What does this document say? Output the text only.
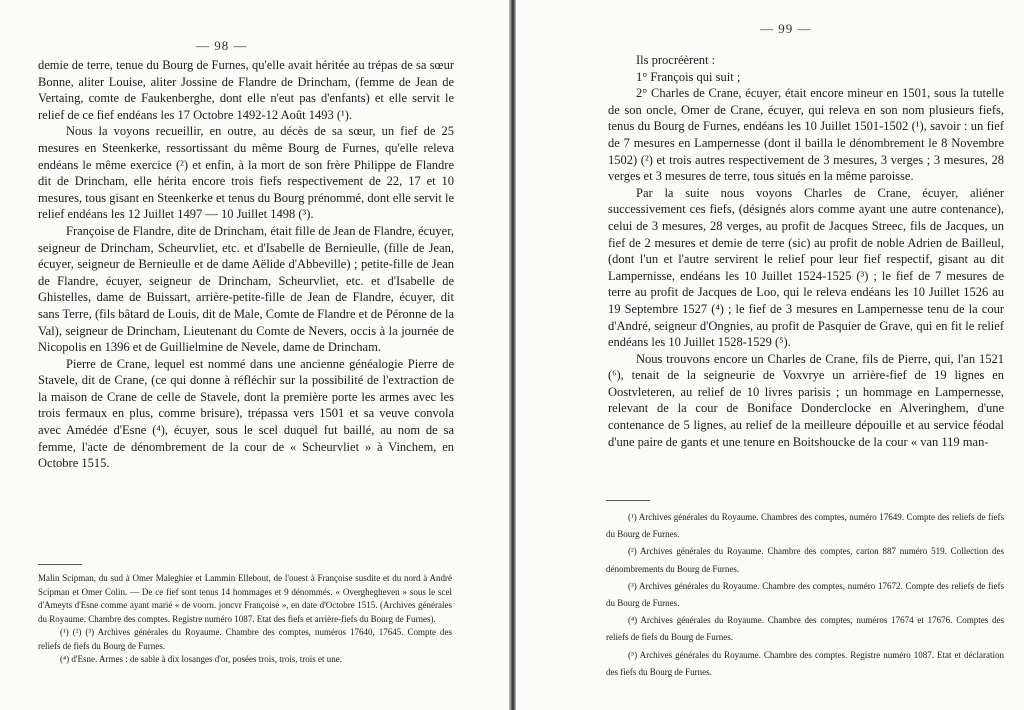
— 98 —

demie de terre, tenue du Bourg de Furnes, qu'elle avait héritée au trépas de sa sœur Bonne, aliter Louise, aliter Jossine de Flandre de Drincham, (femme de Jean de Vertaing, comte de Faukenberghe, dont elle n'eut pas d'enfants) et elle servit le relief de ce fief endéans les 17 Octobre 1492-12 Août 1493 (¹).

Nous la voyons recueillir, en outre, au décès de sa sœur, un fief de 25 mesures en Steenkerke, ressortissant du même Bourg de Furnes, qu'elle releva endéans le même exercice (²) et enfin, à la mort de son frère Philippe de Flandre dit de Drincham, elle hérita encore trois fiefs respectivement de 22, 17 et 10 mesures, tous gisant en Steenkerke et tenus du Bourg prénommé, dont elle servit le relief endéans les 12 Juillet 1497 — 10 Juillet 1498 (³).

Françoise de Flandre, dite de Drincham, était fille de Jean de Flandre, écuyer, seigneur de Drincham, Scheurvliet, etc. et d'Isabelle de Bernieulle, (fille de Jean, écuyer, seigneur de Bernieulle et de dame Aëlide d'Abbeville) ; petite-fille de Jean de Flandre, écuyer, seigneur de Drincham, Scheurvliet, etc. et d'Isabelle de Ghistelles, dame de Buissart, arrière-petite-fille de Jean de Flandre, écuyer, dit sans Terre, (fils bâtard de Louis, dit de Male, Comte de Flandre et de Péronne de la Val), seigneur de Drincham, Lieutenant du Comte de Nevers, occis à la journée de Nicopolis en 1396 et de Guillielmine de Nevele, dame de Drincham.

Pierre de Crane, lequel est nommé dans une ancienne généalogie Pierre de Stavele, dit de Crane, (ce qui donne à réfléchir sur la possibilité de l'extraction de la maison de Crane de celle de Stavele, dont la première porte les armes avec les trois fermaux en plus, comme brisure), trépassa vers 1501 et sa veuve convola avec Amédée d'Esne (⁴), écuyer, sous le scel duquel fut baillé, au nom de sa femme, l'acte de dénombrement de la cour de « Scheurvliet » à Vinchem, en Octobre 1515.

Malin Scipman, du sud à Omer Maleghier et Lammin Ellebout, de l'ouest à Françoise susdite et du nord à André Scipman et Omer Colin. — De ce fief sont tenus 14 hommages et 9 dénommés. « Overghegheven » sous le scel d'Ameyts d'Esne comme ayant marié « de voorn. joncvr Françoise », en date d'Octobre 1515. (Archives générales du Royaume. Chambre des comptes. Registre numéro 1087. Etat des fiefs et arrière-fiefs du Bourg de Furnes).

(¹) (²) (³) Archives générales du Royaume. Chambre des comptes, numéros 17640, 17645. Compte des reliefs de fiefs du Bourg de Furnes.

(⁴) d'Esne. Armes : de sable à dix losanges d'or, posées trois, trois, trois et une.

— 99 —

Ils procréèrent :

1° François qui suit ;

2° Charles de Crane, écuyer, était encore mineur en 1501, sous la tutelle de son oncle, Omer de Crane, écuyer, qui releva en son nom plusieurs fiefs, tenus du Bourg de Furnes, endéans les 10 Juillet 1501-1502 (¹), savoir : un fief de 7 mesures en Lampernesse (dont il bailla le dénombrement le 8 Novembre 1502) (²) et trois autres respectivement de 3 mesures, 3 verges ; 3 mesures, 28 verges et 3 mesures de terre, tous situés en la même paroisse.

Par la suite nous voyons Charles de Crane, écuyer, aliéner successivement ces fiefs, (désignés alors comme ayant une autre contenance), celui de 3 mesures, 28 verges, au profit de Jacques Streec, fils de Jacques, un fief de 2 mesures et demie de terre (sic) au profit de noble Adrien de Bailleul, (dont l'un et l'autre servirent le relief pour leur fief respectif, gisant au dit Lampernisse, endéans les 10 Juillet 1524-1525 (³) ; le fief de 7 mesures de terre au profit de Jacques de Loo, qui le releva endéans les 10 Juillet 1526 au 19 Septembre 1527 (⁴) ; le fief de 3 mesures en Lampernesse tenu de la cour d'André, seigneur d'Ongnies, au profit de Pasquier de Grave, qui en fit le relief endéans les 10 Juillet 1528-1529 (⁵).

Nous trouvons encore un Charles de Crane, fils de Pierre, qui, l'an 1521 (⁶), tenait de la seigneurie de Voxvrye un arrière-fief de 19 lignes en Oostvleteren, au relief de 10 livres parisis ; un hommage en Lampernesse, relevant de la cour de Boniface Donderclocke en Alveringhem, d'une contenance de 5 lignes, au relief de la meilleure dépouille et au service féodal d'une paire de gants et une tenure en Boitshoucke de la cour « van 119 man-

(¹) Archives générales du Royaume. Chambres des comptes, numéro 17649. Compte des reliefs de fiefs du Bourg de Furnes.

(²) Archives générales du Royaume. Chambre des comptes, carton 887 numéro 519. Collection des dénombrements du Bourg de Furnes.

(³) Archives générales du Royaume. Chambre des comptes, numéro 17672. Compte des reliefs de fiefs du Bourg de Furnes.

(⁴) Archives générales du Royaume. Chambre des comptes, numéros 17674 et 17676. Comptes des reliefs de fiefs du Bourg de Furnes.

(⁵) Archives générales du Royaume. Chambre des comptes. Registre numéro 1087. Etat et déclaration des fiefs du Bourg de Furnes.
